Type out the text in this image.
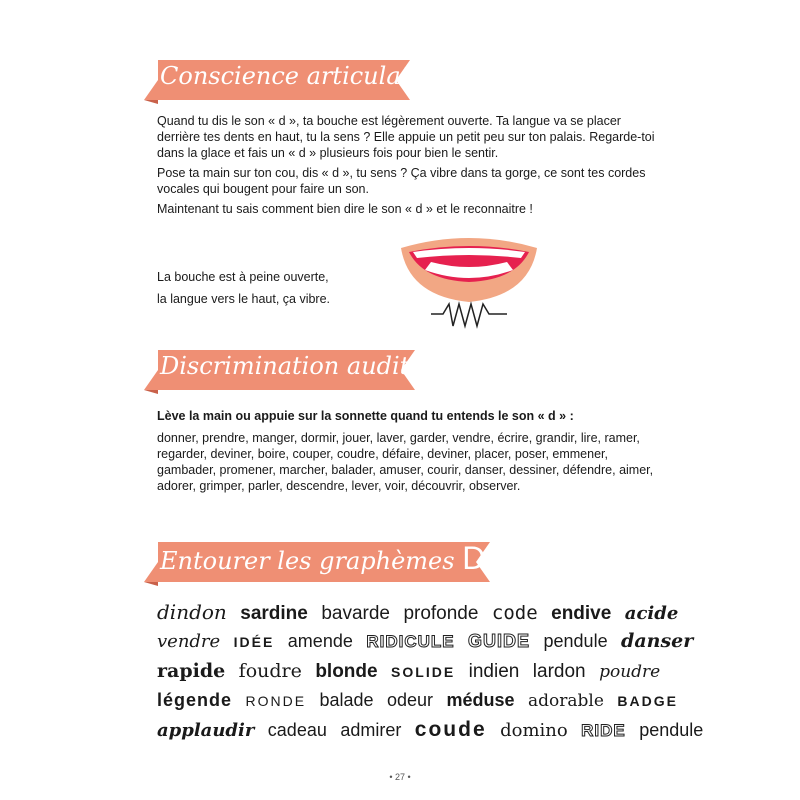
Conscience articulatoire

Quand tu dis le son « d », ta bouche est légèrement ouverte. Ta langue va se placer derrière tes dents en haut, tu la sens ? Elle appuie un petit peu sur ton palais. Regarde-toi dans la glace et fais un « d » plusieurs fois pour bien le sentir.

Pose ta main sur ton cou, dis « d », tu sens ? Ça vibre dans ta gorge, ce sont tes cordes vocales qui bougent pour faire un son.

Maintenant tu sais comment bien dire le son « d » et le reconnaitre !

La bouche est à peine ouverte,
la langue vers le haut, ça vibre.
Discrimination auditive

Lève la main ou appuie sur la sonnette quand tu entends le son « d » :

donner, prendre, manger, dormir, jouer, laver, garder, vendre, écrire, grandir, lire, ramer, regarder, deviner, boire, couper, coudre, défaire, deviner, placer, poser, emmener, gambader, promener, marcher, balader, amuser, courir, danser, dessiner, défendre, aimer, adorer, grimper, parler, descendre, lever, voir, découvrir, observer.
Entourer les graphèmes D/d
dindon sardine bavarde profonde code endive acide
vendre IDÉE amende RIDICULE GUIDE pendule danser
rapide foudre blonde SOLIDE indien lardon poudre
légende RONDE balade odeur méduse adorable BADGE
applaudir cadeau admirer coude domino RIDE pendule
• 27 •
